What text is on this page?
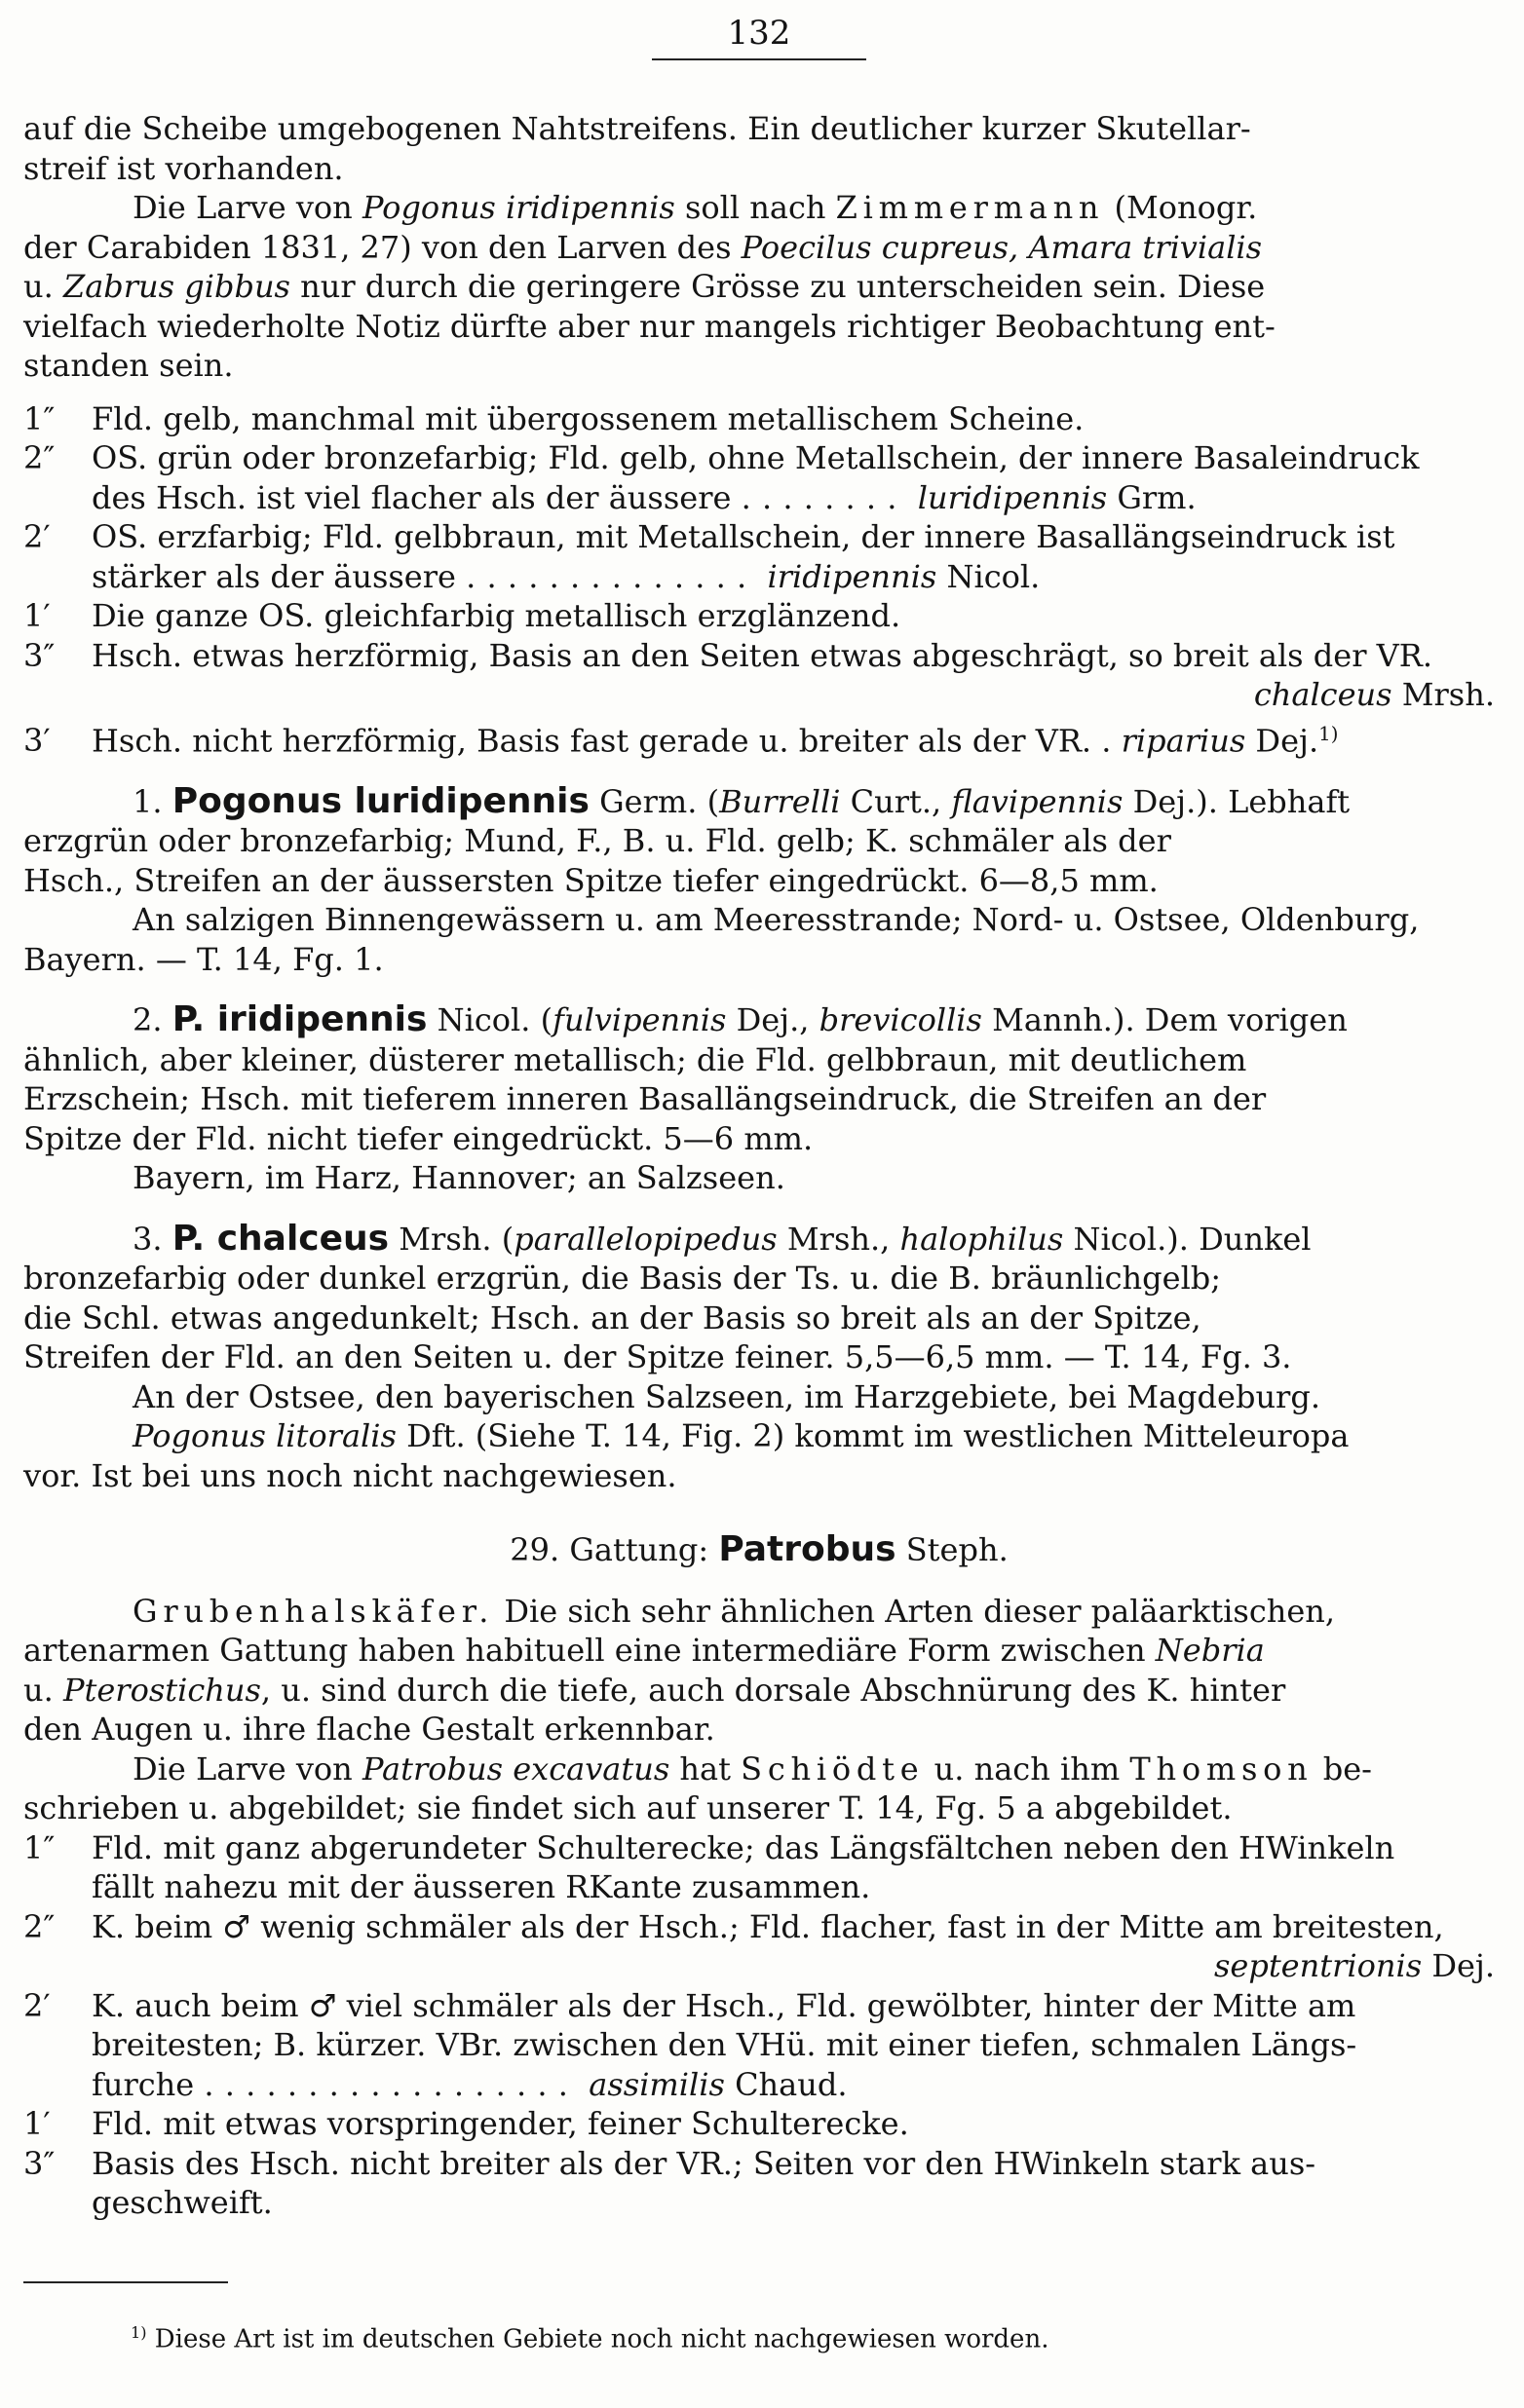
132

auf die Scheibe umgebogenen Nahtstreifens. Ein deutlicher kurzer Skutellar-

streif ist vorhanden.

Die Larve von Pogonus iridipennis soll nach Zimmermann (Monogr.

der Carabiden 1831, 27) von den Larven des Poecilus cupreus, Amara trivialis

u. Zabrus gibbus nur durch die geringere Grösse zu unterscheiden sein. Diese

vielfach wiederholte Notiz dürfte aber nur mangels richtiger Beobachtung ent-

standen sein.

1″	Fld. gelb, manchmal mit übergossenem metallischem Scheine.
2″	OS. grün oder bronzefarbig; Fld. gelb, ohne Metallschein, der innere Basaleindruck

des Hsch. ist viel flacher als der äussere ........ luridipennis Grm.

2′	OS. erzfarbig; Fld. gelbbraun, mit Metallschein, der innere Basallängseindruck ist

stärker als der äussere .............. iridipennis Nicol.

1′	Die ganze OS. gleichfarbig metallisch erzglänzend.
3″	Hsch. etwas herzförmig, Basis an den Seiten etwas abgeschrägt, so breit als der VR.

chalceus Mrsh.

3′	Hsch. nicht herzförmig, Basis fast gerade u. breiter als der VR. . riparius Dej.$^{1)}$

1. Pogonus luridipennis Germ. (Burrelli Curt., flavipennis Dej.). Lebhaft

erzgrün oder bronzefarbig; Mund, F., B. u. Fld. gelb; K. schmäler als der

Hsch., Streifen an der äussersten Spitze tiefer eingedrückt. 6—8,5 mm.

An salzigen Binnengewässern u. am Meeresstrande; Nord- u. Ostsee, Oldenburg,

Bayern. — T. 14, Fg. 1.

2. P. iridipennis Nicol. (fulvipennis Dej., brevicollis Mannh.). Dem vorigen

ähnlich, aber kleiner, düsterer metallisch; die Fld. gelbbraun, mit deutlichem

Erzschein; Hsch. mit tieferem inneren Basallängseindruck, die Streifen an der

Spitze der Fld. nicht tiefer eingedrückt. 5—6 mm.

Bayern, im Harz, Hannover; an Salzseen.

3. P. chalceus Mrsh. (parallelopipedus Mrsh., halophilus Nicol.). Dunkel

bronzefarbig oder dunkel erzgrün, die Basis der Ts. u. die B. bräunlichgelb;

die Schl. etwas angedunkelt; Hsch. an der Basis so breit als an der Spitze,

Streifen der Fld. an den Seiten u. der Spitze feiner. 5,5—6,5 mm. — T. 14, Fg. 3.

An der Ostsee, den bayerischen Salzseen, im Harzgebiete, bei Magdeburg.

Pogonus litoralis Dft. (Siehe T. 14, Fig. 2) kommt im westlichen Mitteleuropa

vor. Ist bei uns noch nicht nachgewiesen.

29. Gattung: Patrobus Steph.

Grubenhalskäfer. Die sich sehr ähnlichen Arten dieser paläarktischen,

artenarmen Gattung haben habituell eine intermediäre Form zwischen Nebria

u. Pterostichus, u. sind durch die tiefe, auch dorsale Abschnürung des K. hinter

den Augen u. ihre flache Gestalt erkennbar.

Die Larve von Patrobus excavatus hat Schiödte u. nach ihm Thomson be-

schrieben u. abgebildet; sie findet sich auf unserer T. 14, Fg. 5 a abgebildet.

1″	Fld. mit ganz abgerundeter Schulterecke; das Längsfältchen neben den HWinkeln

fällt nahezu mit der äusseren RKante zusammen.

2″	K. beim ♂ wenig schmäler als der Hsch.; Fld. flacher, fast in der Mitte am breitesten,

septentrionis Dej.

2′	K. auch beim ♂ viel schmäler als der Hsch., Fld. gewölbter, hinter der Mitte am

breitesten; B. kürzer. VBr. zwischen den VHü. mit einer tiefen, schmalen Längs-

furche .................. assimilis Chaud.

1′	Fld. mit etwas vorspringender, feiner Schulterecke.
3″	Basis des Hsch. nicht breiter als der VR.; Seiten vor den HWinkeln stark aus-

geschweift.

$^{1)}$ Diese Art ist im deutschen Gebiete noch nicht nachgewiesen worden.
